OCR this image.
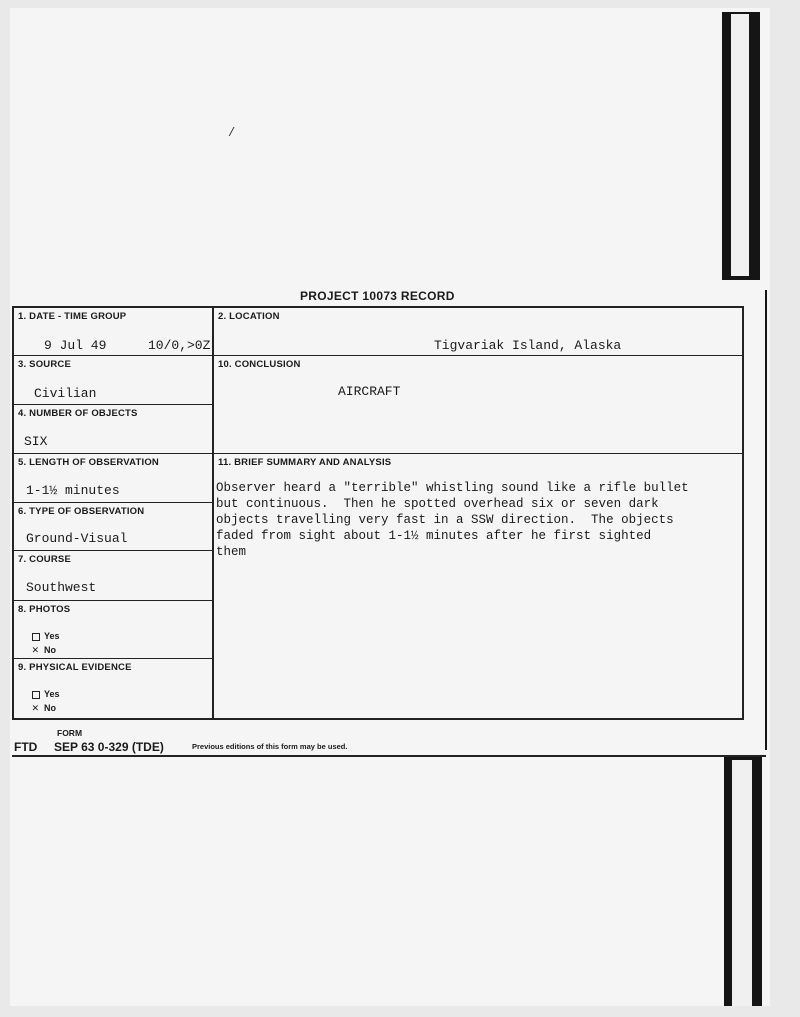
/
PROJECT 10073 RECORD
1. DATE - TIME GROUP
9 Jul 49	10/0,>0Z
3. SOURCE
Civilian
4. NUMBER OF OBJECTS
SIX
5. LENGTH OF OBSERVATION
1-1½ minutes
6. TYPE OF OBSERVATION
Ground-Visual
7. COURSE
Southwest
8. PHOTOS
Yes
✕ No
9. PHYSICAL EVIDENCE
Yes
✕ No
2. LOCATION
Tigvariak Island, Alaska
10. CONCLUSION
AIRCRAFT
11. BRIEF SUMMARY AND ANALYSIS
Observer heard a "terrible" whistling sound like a rifle bullet
but continuous.  Then he spotted overhead six or seven dark
objects travelling very fast in a SSW direction.  The objects
faded from sight about 1-1½ minutes after he first sighted
them
FTD
FORM
SEP 63 0-329 (TDE)	Previous editions of this form may be used.
